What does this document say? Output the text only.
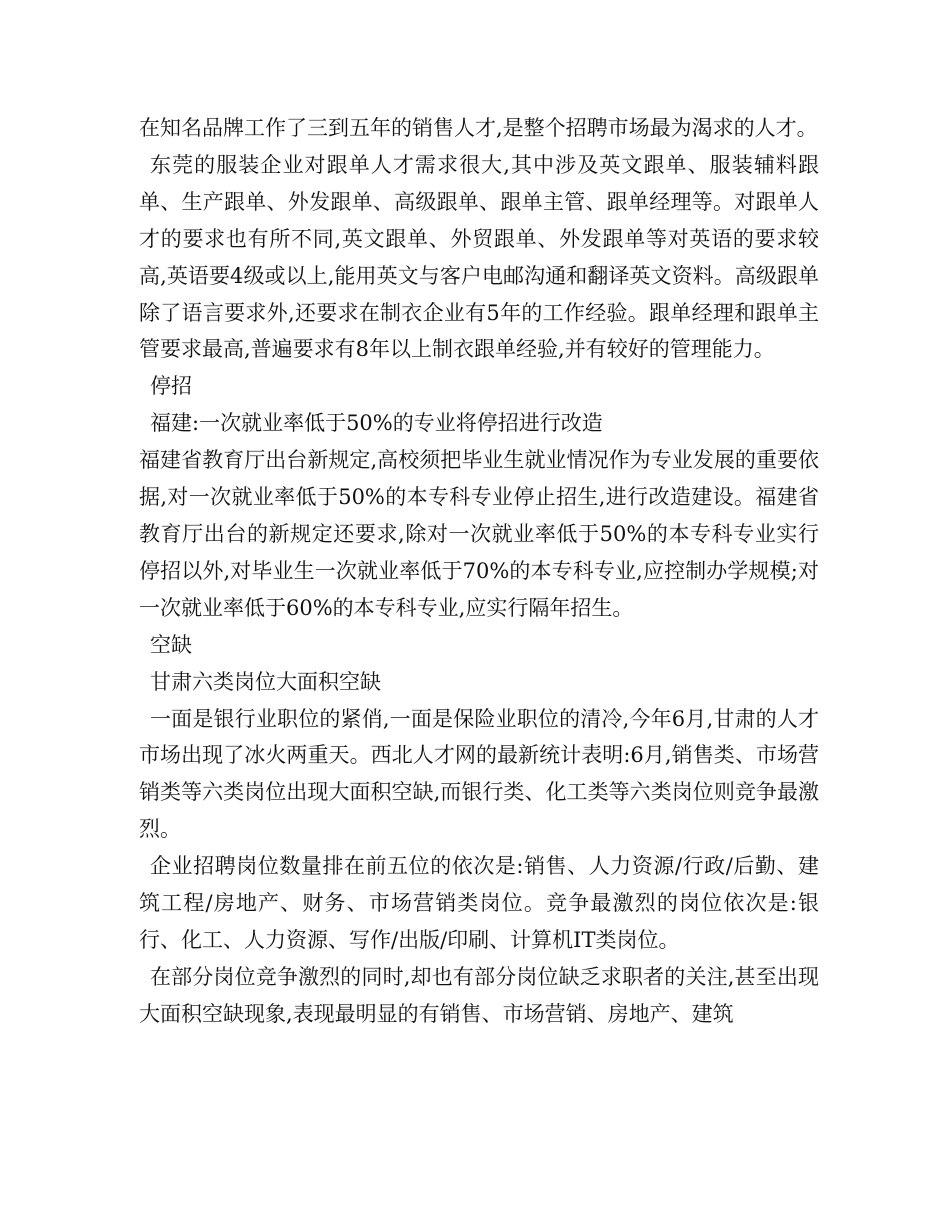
在知名品牌工作了三到五年的销售人才,是整个招聘市场最为渴求的人才。

东莞的服装企业对跟单人才需求很大,其中涉及英文跟单、服装辅料跟单、生产跟单、外发跟单、高级跟单、跟单主管、跟单经理等。对跟单人才的要求也有所不同,英文跟单、外贸跟单、外发跟单等对英语的要求较高,英语要4级或以上,能用英文与客户电邮沟通和翻译英文资料。高级跟单除了语言要求外,还要求在制衣企业有5年的工作经验。跟单经理和跟单主管要求最高,普遍要求有8年以上制衣跟单经验,并有较好的管理能力。

停招

福建:一次就业率低于50%的专业将停招进行改造

福建省教育厅出台新规定,高校须把毕业生就业情况作为专业发展的重要依据,对一次就业率低于50%的本专科专业停止招生,进行改造建设。福建省教育厅出台的新规定还要求,除对一次就业率低于50%的本专科专业实行停招以外,对毕业生一次就业率低于70%的本专科专业,应控制办学规模;对一次就业率低于60%的本专科专业,应实行隔年招生。

空缺

甘肃六类岗位大面积空缺

一面是银行业职位的紧俏,一面是保险业职位的清冷,今年6月,甘肃的人才市场出现了冰火两重天。西北人才网的最新统计表明:6月,销售类、市场营销类等六类岗位出现大面积空缺,而银行类、化工类等六类岗位则竞争最激烈。

企业招聘岗位数量排在前五位的依次是:销售、人力资源/行政/后勤、建筑工程/房地产、财务、市场营销类岗位。竞争最激烈的岗位依次是:银行、化工、人力资源、写作/出版/印刷、计算机IT类岗位。

在部分岗位竞争激烈的同时,却也有部分岗位缺乏求职者的关注,甚至出现大面积空缺现象,表现最明显的有销售、市场营销、房地产、建筑
